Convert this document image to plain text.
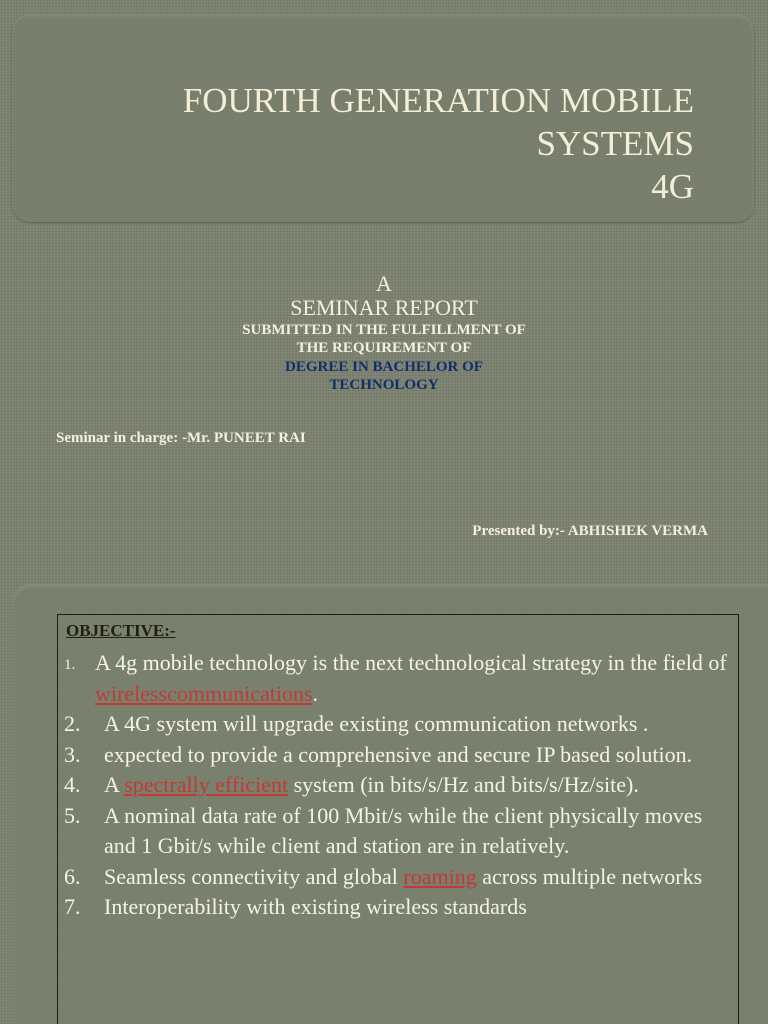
FOURTH GENERATION MOBILE
SYSTEMS
4G
A
SEMINAR REPORT
SUBMITTED IN THE FULFILLMENT OF
THE REQUIREMENT OF
DEGREE IN BACHELOR OF
TECHNOLOGY
Seminar in charge: -Mr. PUNEET RAI
Presented by:- ABHISHEK VERMA
OBJECTIVE:-
1. A 4g mobile technology is the next technological strategy in the field of wirelesscommunications.
2.	A 4G system will upgrade existing communication networks .
3.	expected to provide a comprehensive and secure IP based solution.
4.	A spectrally efficient system (in bits/s/Hz and bits/s/Hz/site).
5.	A nominal data rate of 100 Mbit/s while the client physically moves and 1 Gbit/s while client and station are in relatively.
6.	Seamless connectivity and global roaming across multiple networks
7.	Interoperability with existing wireless standards
